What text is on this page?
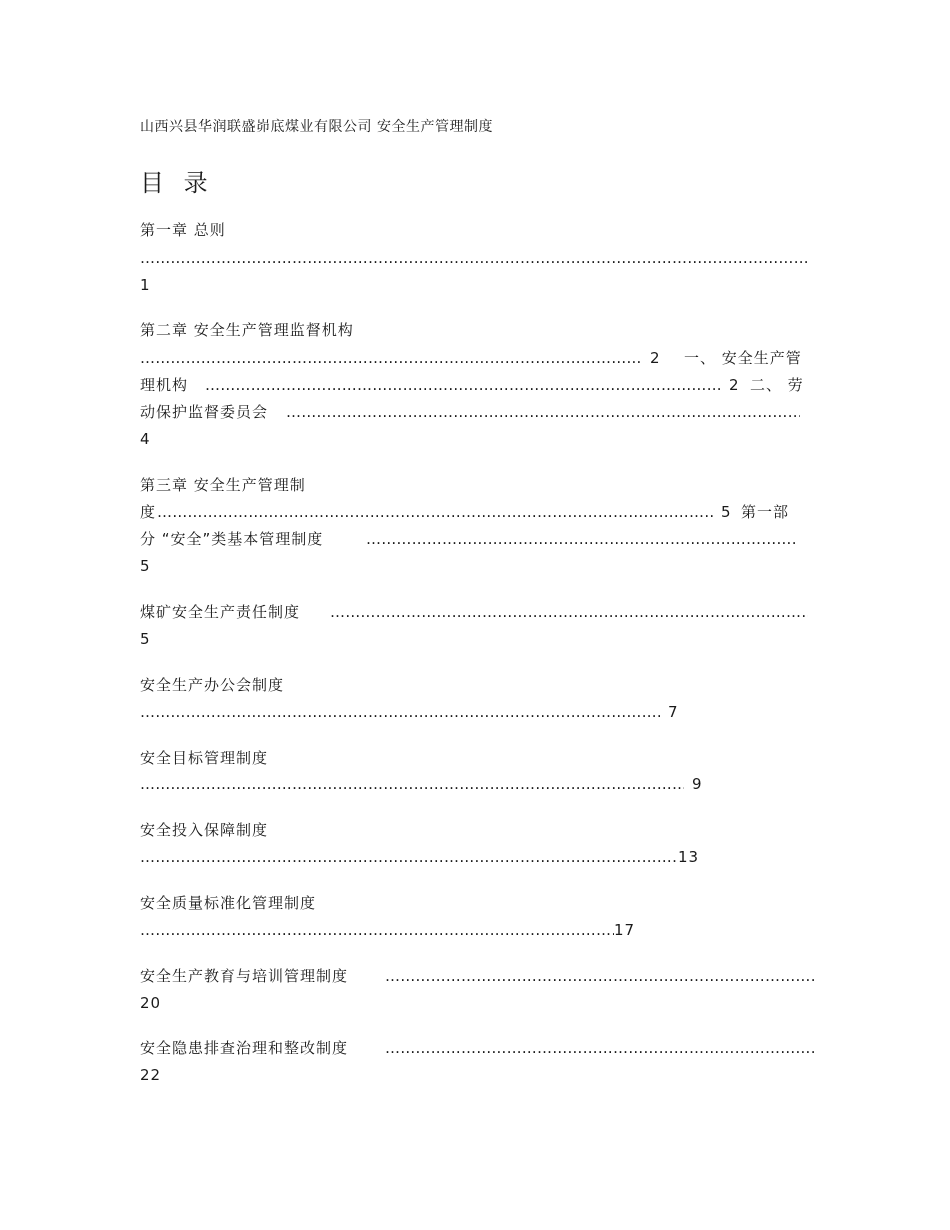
山西兴县华润联盛峁底煤业有限公司 安全生产管理制度
目 录
第一章 总则
……………………………………………………………………………………………………………………………………………………………………………………………………
1
第二章 安全生产管理监督机构
……………………………………………………………………………………………………………………………………………………………………………………………………
2 一、 安全生产管
理机构 ……………………………………………………………………………………………………………………………………………………………………………………………………	2 二、 劳
动保护监督委员会
……………………………………………………………………………………………………………………………………………………………………………………………………
4
第三章 安全生产管理制
度 ……………………………………………………………………………………………………………………………………………………………………………………………………	5 第一部
分 “安全”类基本管理制度
……………………………………………………………………………………………………………………………………………………………………………………………………
5
煤矿安全生产责任制度
……………………………………………………………………………………………………………………………………………………………………………………………………
5
安全生产办公会制度
……………………………………………………………………………………………………………………………………………………………………………………………………
7
安全目标管理制度
……………………………………………………………………………………………………………………………………………………………………………………………………
9
安全投入保障制度
……………………………………………………………………………………………………………………………………………………………………………………………………
13
安全质量标准化管理制度
……………………………………………………………………………………………………………………………………………………………………………………………………
17
安全生产教育与培训管理制度
……………………………………………………………………………………………………………………………………………………………………………………………………
20
安全隐患排查治理和整改制度
……………………………………………………………………………………………………………………………………………………………………………………………………
22
